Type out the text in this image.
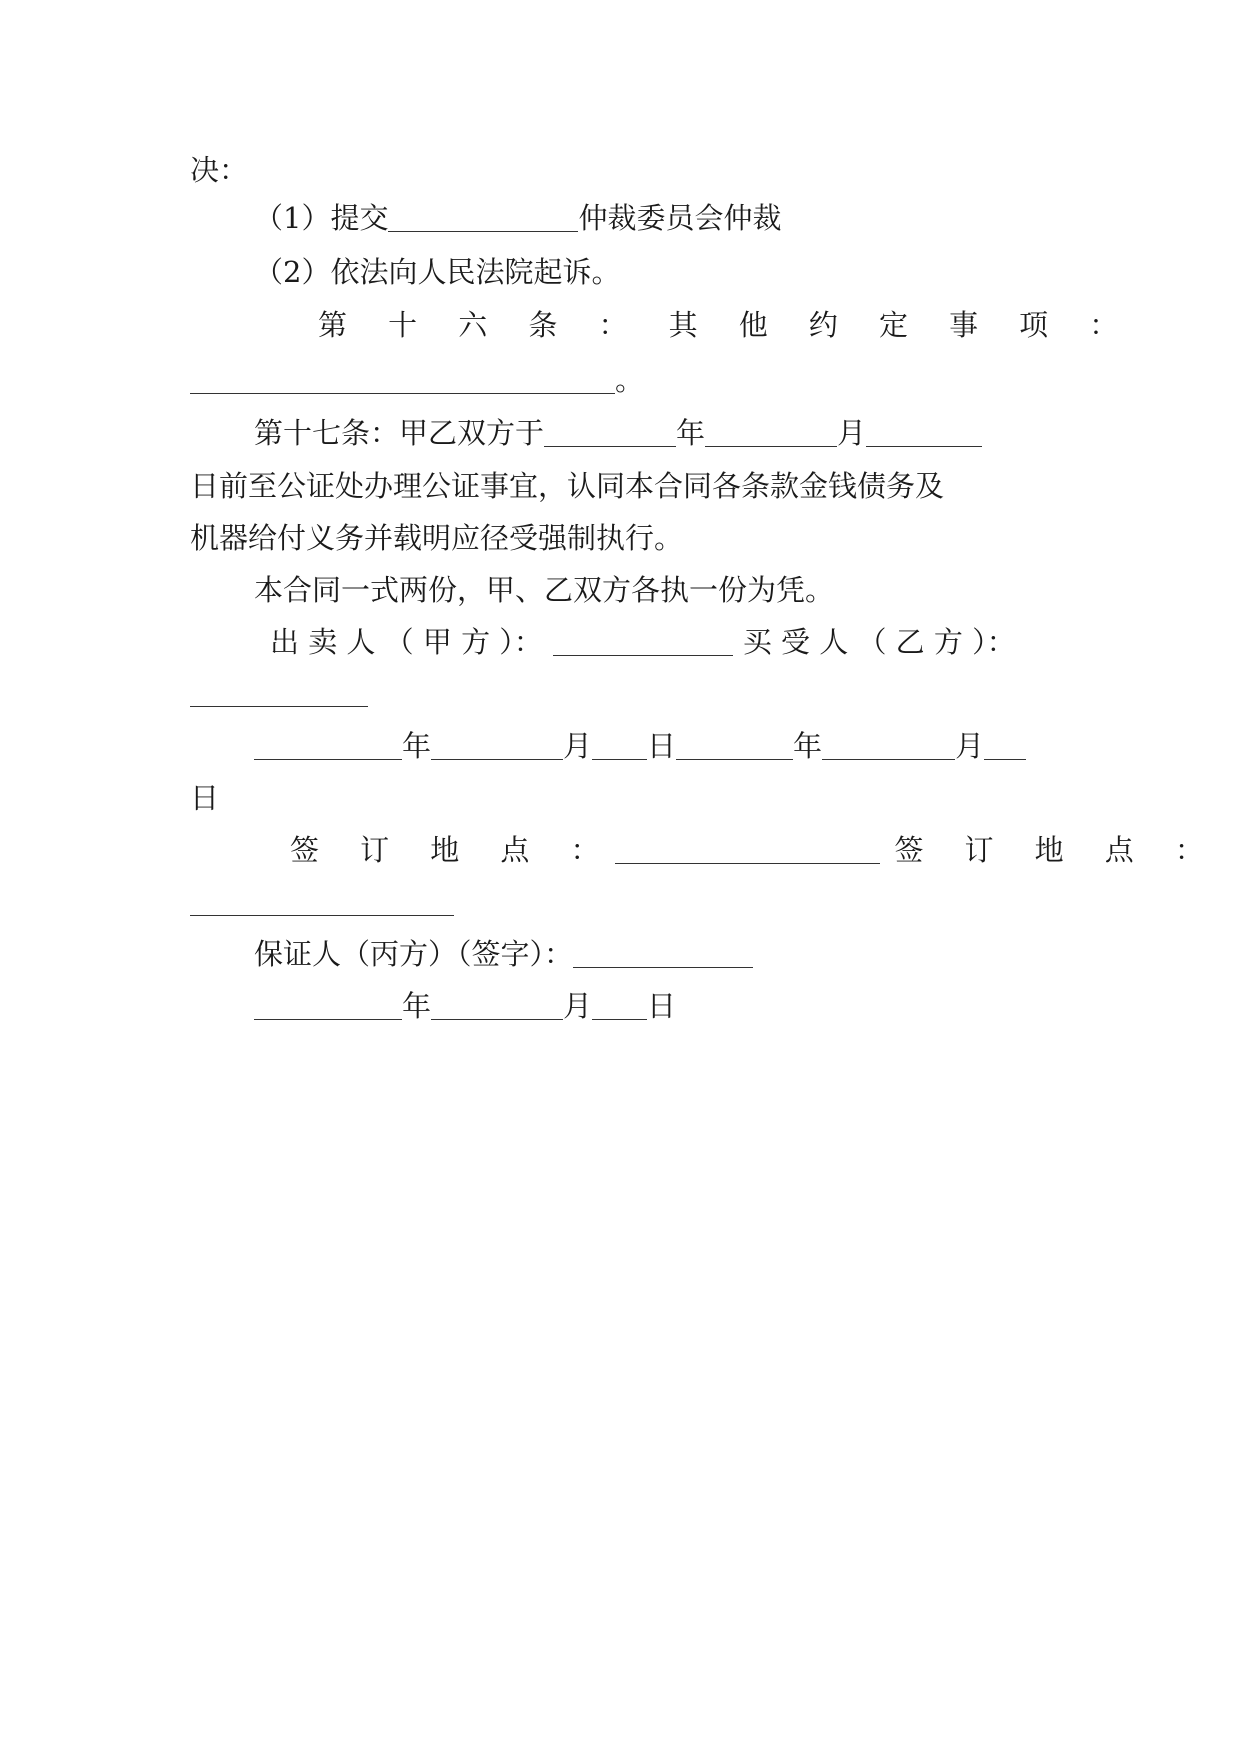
决：
（1）提交	仲裁委员会仲裁
（2）依法向人民法院起诉。
第 十 六 条 ： 其 他 约 定 事 项 ：
。
第十七条：甲乙双方于	年	月
日前至公证处办理公证事宜，认同本合同各条款金钱债务及
机器给付义务并载明应径受强制执行。
本合同一式两份，甲、乙双方各执一份为凭。
出 卖 人 （ 甲 方 ）：	买 受 人 （ 乙 方 ）：
年	月 日	年	月
日
签 订 地 点 ：	签 订 地 点 ：
保证人（丙方）（签字）：
年	月 日
